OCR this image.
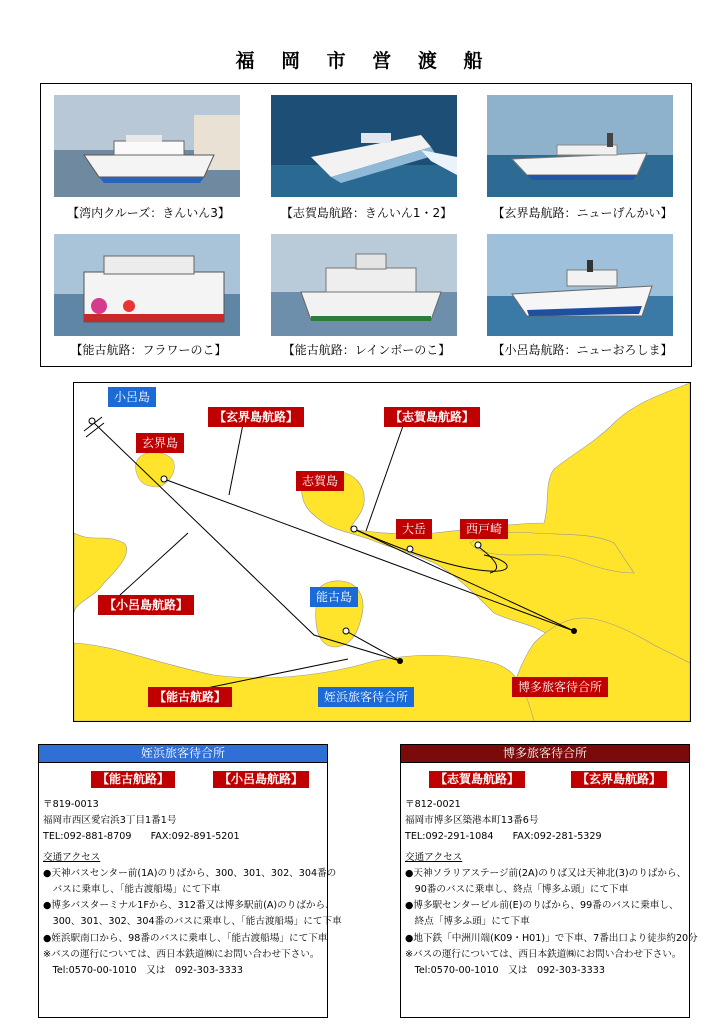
福 岡 市 営 渡 船
【湾内クルーズ：きんいん3】	【志賀島航路：きんいん1・2】	【玄界島航路：ニューげんかい】
【能古航路：フラワーのこ】	【能古航路：レインボーのこ】	【小呂島航路：ニューおろしま】
小呂島
玄界島
【玄界島航路】	【志賀島航路】
志賀島
大岳	西戸崎
能古島
【小呂島航路】
博多旅客待合所
【能古航路】	姪浜旅客待合所
姪浜旅客待合所
【能古航路】	【小呂島航路】
〒819-0013
福岡市西区愛宕浜3丁目1番1号
TEL:092-881-8709　　FAX:092-891-5201
交通アクセス
●天神バスセンター前(1A)のりばから、300、301、302、304番の
　バスに乗車し、「能古渡船場」にて下車
●博多バスターミナル1Fから、312番又は博多駅前(A)のりばから、
　300、301、302、304番のバスに乗車し、「能古渡船場」にて下車
●姪浜駅南口から、98番のバスに乗車し、「能古渡船場」にて下車
※バスの運行については、西日本鉄道㈱にお問い合わせ下さい。
　Tel:0570-00-1010　又は　092-303-3333
博多旅客待合所
【志賀島航路】	【玄界島航路】
〒812-0021
福岡市博多区築港本町13番6号
TEL:092-291-1084　　FAX:092-281-5329
交通アクセス
●天神ソラリアステージ前(2A)のりば又は天神北(3)のりばから、
　90番のバスに乗車し、終点「博多ふ頭」にて下車
●博多駅センタービル前(E)のりばから、99番のバスに乗車し、
　終点「博多ふ頭」にて下車
●地下鉄「中洲川端(K09・H01)」で下車、7番出口より徒歩約20分
※バスの運行については、西日本鉄道㈱にお問い合わせ下さい。
　Tel:0570-00-1010　又は　092-303-3333
